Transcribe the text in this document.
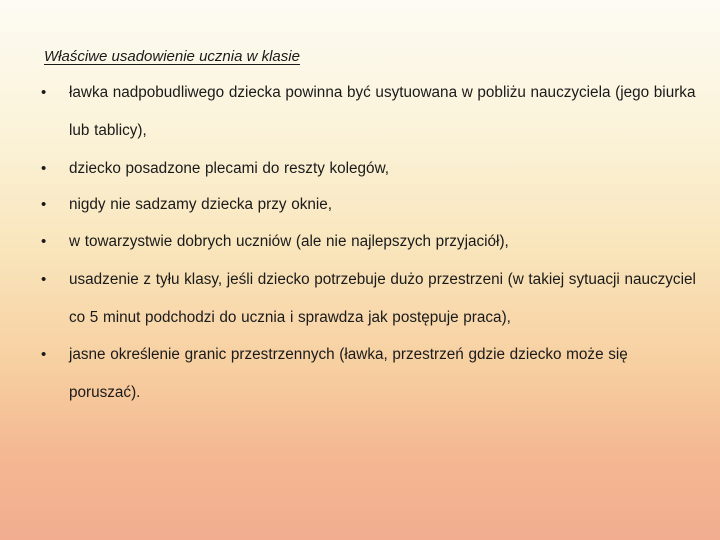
Właściwe usadowienie ucznia w klasie
• ławka nadpobudliwego dziecka powinna być usytuowana w pobliżu nauczyciela (jego biurka lub tablicy),
• dziecko posadzone plecami do reszty kolegów,
• nigdy nie sadzamy dziecka przy oknie,
• w towarzystwie dobrych uczniów (ale nie najlepszych przyjaciół),
• usadzenie z tyłu klasy, jeśli dziecko potrzebuje dużo przestrzeni (w takiej sytuacji nauczyciel co 5 minut podchodzi do ucznia i sprawdza jak postępuje praca),
• jasne określenie granic przestrzennych (ławka, przestrzeń gdzie dziecko może się poruszać).
